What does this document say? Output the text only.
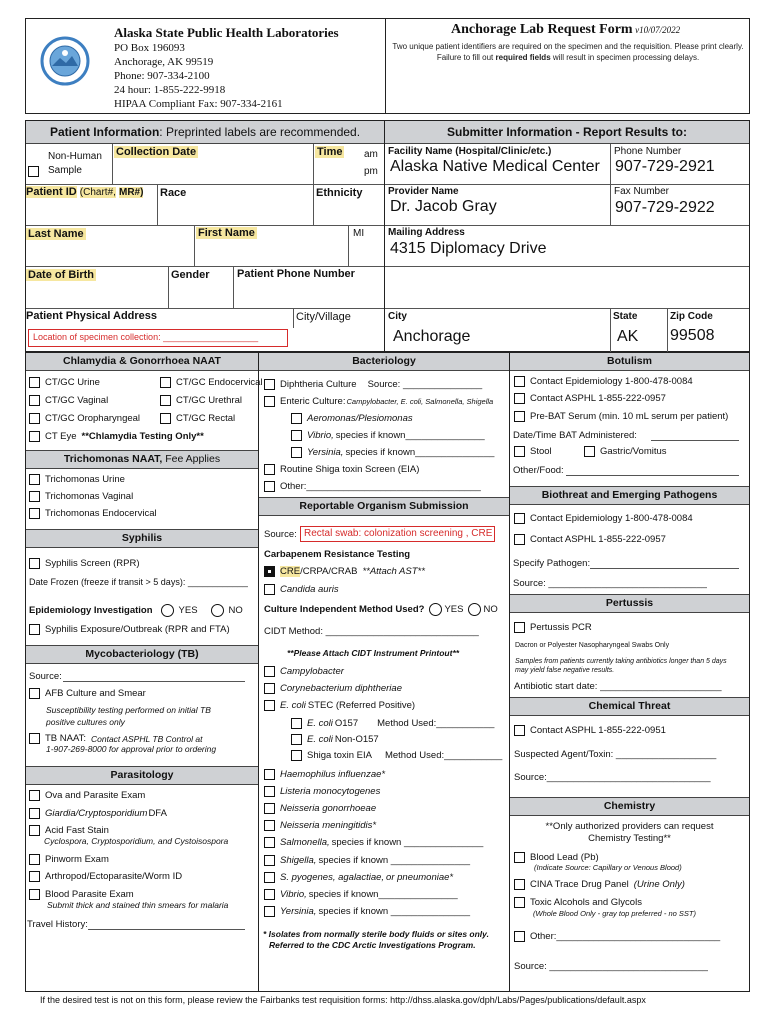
Alaska State Public Health Laboratories
PO Box 196093
Anchorage, AK 99519
Phone: 907-334-2100
24 hour: 1-855-222-9918
HIPAA Compliant Fax: 907-334-2161
Anchorage Lab Request Form v10/07/2022
Two unique patient identifiers are required on the specimen and the requisition. Please print clearly. Failure to fill out required fields will result in specimen processing delays.
Patient Information: Preprinted labels are recommended.	Submitter Information - Report Results to:
Non-Human
Sample
Collection Date	Time am
pm
Patient ID (Chart#, MR#) Race	Ethnicity
Last Name	First Name	MI
Date of Birth	Gender Patient Phone Number
Patient Physical Address	City/Village
Location of specimen collection: ___________________
Facility Name (Hospital/Clinic/etc.)
Alaska Native Medical Center
Phone Number
907-729-2921
Provider Name
Dr. Jacob Gray
Fax Number
907-729-2922
Mailing Address
4315 Diplomacy Drive
City
Anchorage
State
AK
Zip Code
99508
Chlamydia & Gonorrhoea NAAT
CT/GC Urine	CT/GC Endocervical
CT/GC Vaginal	CT/GC Urethral
CT/GC Oropharyngeal	CT/GC Rectal
CT Eye **Chlamydia Testing Only**
Trichomonas NAAT, Fee Applies
Trichomonas Urine
Trichomonas Vaginal
Trichomonas Endocervical
Syphilis
Syphilis Screen (RPR)
Date Frozen (freeze if transit > 5 days): ____________
Epidemiology Investigation	YES	NO
Syphilis Exposure/Outbreak (RPR and FTA)
Mycobacteriology (TB)
Source:
AFB Culture and Smear
Susceptibility testing performed on initial TB
positive cultures only
TB NAAT: Contact ASPHL TB Control at
1-907-269-8000 for approval prior to ordering
Parasitology
Ova and Parasite Exam
Giardia/Cryptosporidium DFA
Acid Fast Stain
Cyclospora, Cryptosporidium, and Cystoisospora
Pinworm Exam
Arthropod/Ectoparasite/Worm ID
Blood Parasite Exam
Submit thick and stained thin smears for malaria
Travel History:
Bacteriology
Diphtheria Culture Source: _______________
Enteric Culture: Campylobacter, E. coli, Salmonella, Shigella
Aeromonas/Plesiomonas
Vibrio, species if known_______________
Yersinia, species if known_______________
Routine Shiga toxin Screen (EIA)
Other:_________________________________
Reportable Organism Submission
Source: Rectal swab: colonization screening , CRE
Carbapenem Resistance Testing
CRE /CRPA/CRAB **Attach AST**
Candida auris
Culture Independent Method Used? YES NO
CIDT Method: _____________________________
**Please Attach CIDT Instrument Printout**
Campylobacter
Corynebacterium diphtheriae
E. coli STEC (Referred Positive)
E. coli O157 Method Used:___________
E. coli Non-O157
Shiga toxin EIA Method Used:___________
Haemophilus influenzae*
Listeria monocytogenes
Neisseria gonorrhoeae
Neisseria meningitidis*
Salmonella, species if known _______________
Shigella, species if known _______________
S. pyogenes, agalactiae, or pneumoniae*
Vibrio, species if known_______________
Yersinia, species if known _______________
* Isolates from normally sterile body fluids or sites only.
Referred to the CDC Arctic Investigations Program.
Botulism
Contact Epidemiology 1-800-478-0084
Contact ASPHL 1-855-222-0957
Pre-BAT Serum (min. 10 mL serum per patient)
Date/Time BAT Administered:
Stool	Gastric/Vomitus
Other/Food:
Biothreat and Emerging Pathogens
Contact Epidemiology 1-800-478-0084
Contact ASPHL 1-855-222-0957
Specify Pathogen:
Source: ______________________________
Pertussis
Pertussis PCR
Dacron or Polyester Nasopharyngeal Swabs Only
Samples from patients currently taking antibiotics longer than 5 days may yield false negative results.
Antibiotic start date: _______________________
Chemical Threat
Contact ASPHL 1-855-222-0951
Suspected Agent/Toxin: ___________________
Source:_______________________________
Chemistry
**Only authorized providers can request
Chemistry Testing**
Blood Lead (Pb)
(Indicate Source: Capillary or Venous Blood)
CINA Trace Drug Panel (Urine Only)
Toxic Alcohols and Glycols
(Whole Blood Only - gray top preferred - no SST)
Other:_______________________________
Source: ______________________________
If the desired test is not on this form, please review the Fairbanks test requisition forms: http://dhss.alaska.gov/dph/Labs/Pages/publications/default.aspx
